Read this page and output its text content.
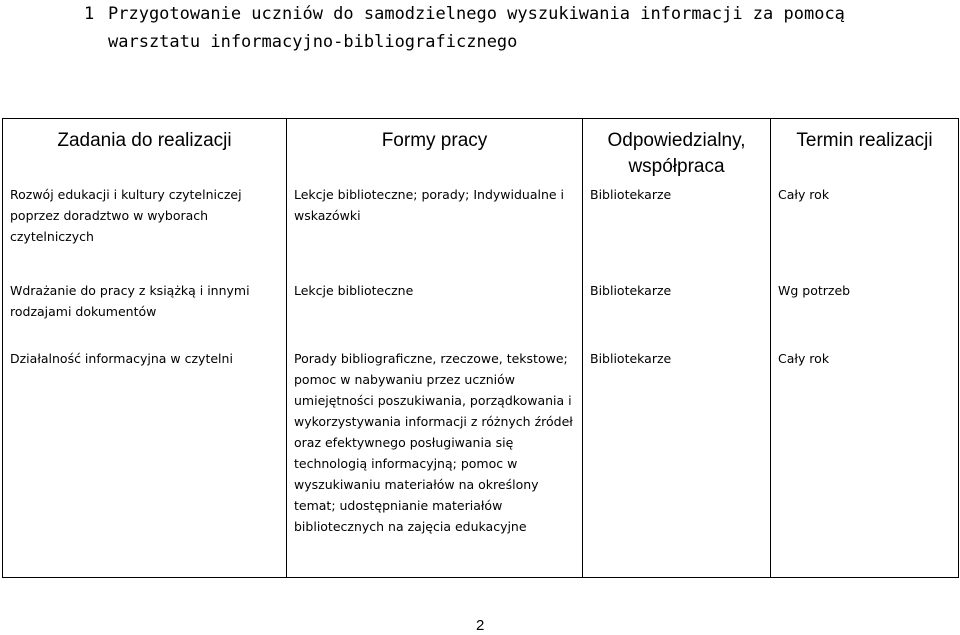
1 Przygotowanie uczniów do samodzielnego wyszukiwania informacji za pomocą warsztatu informacyjno-bibliograficznego
Zadania do realizacji	Formy pracy	Odpowiedzialny, współpraca	Termin realizacji
Rozwój edukacji i kultury czytelniczej poprzez doradztwo w wyborach czytelniczych	Lekcje biblioteczne; porady; Indywidualne i wskazówki	Bibliotekarze	Cały rok
Wdrażanie do pracy z książką i innymi rodzajami dokumentów	Lekcje biblioteczne	Bibliotekarze	Wg potrzeb
Działalność informacyjna w czytelni	Porady bibliograficzne, rzeczowe, tekstowe; pomoc w nabywaniu przez uczniów umiejętności poszukiwania, porządkowania i wykorzystywania informacji z różnych źródeł oraz efektywnego posługiwania się technologią informacyjną; pomoc w wyszukiwaniu materiałów na określony temat; udostępnianie materiałów bibliotecznych na zajęcia edukacyjne	Bibliotekarze	Cały rok
2
